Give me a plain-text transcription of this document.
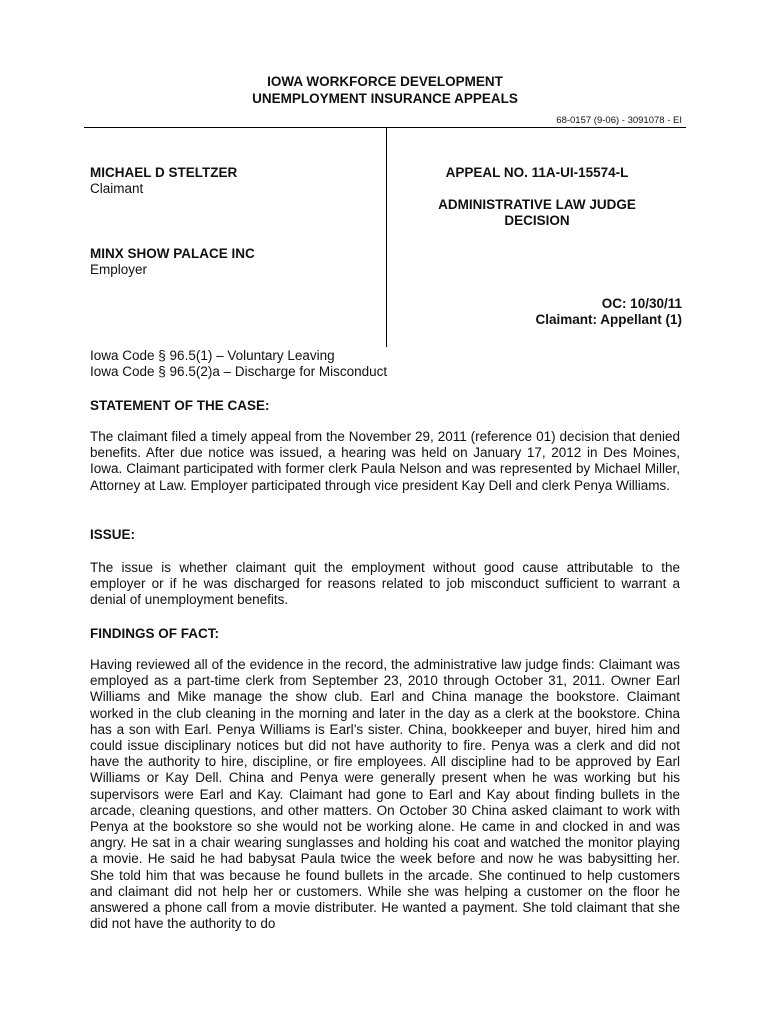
IOWA WORKFORCE DEVELOPMENT
UNEMPLOYMENT INSURANCE APPEALS
68-0157 (9-06) - 3091078 - EI
MICHAEL D STELTZER
Claimant
MINX SHOW PALACE INC
Employer
APPEAL NO. 11A-UI-15574-L
ADMINISTRATIVE LAW JUDGE
DECISION
OC: 10/30/11
Claimant: Appellant (1)
Iowa Code § 96.5(1) – Voluntary Leaving
Iowa Code § 96.5(2)a – Discharge for Misconduct
STATEMENT OF THE CASE:
The claimant filed a timely appeal from the November 29, 2011 (reference 01) decision that denied benefits. After due notice was issued, a hearing was held on January 17, 2012 in Des Moines, Iowa. Claimant participated with former clerk Paula Nelson and was represented by Michael Miller, Attorney at Law. Employer participated through vice president Kay Dell and clerk Penya Williams.
ISSUE:
The issue is whether claimant quit the employment without good cause attributable to the employer or if he was discharged for reasons related to job misconduct sufficient to warrant a denial of unemployment benefits.
FINDINGS OF FACT:
Having reviewed all of the evidence in the record, the administrative law judge finds: Claimant was employed as a part-time clerk from September 23, 2010 through October 31, 2011. Owner Earl Williams and Mike manage the show club. Earl and China manage the bookstore. Claimant worked in the club cleaning in the morning and later in the day as a clerk at the bookstore. China has a son with Earl. Penya Williams is Earl’s sister. China, bookkeeper and buyer, hired him and could issue disciplinary notices but did not have authority to fire. Penya was a clerk and did not have the authority to hire, discipline, or fire employees. All discipline had to be approved by Earl Williams or Kay Dell. China and Penya were generally present when he was working but his supervisors were Earl and Kay. Claimant had gone to Earl and Kay about finding bullets in the arcade, cleaning questions, and other matters. On October 30 China asked claimant to work with Penya at the bookstore so she would not be working alone. He came in and clocked in and was angry. He sat in a chair wearing sunglasses and holding his coat and watched the monitor playing a movie. He said he had babysat Paula twice the week before and now he was babysitting her. She told him that was because he found bullets in the arcade. She continued to help customers and claimant did not help her or customers. While she was helping a customer on the floor he answered a phone call from a movie distributer. He wanted a payment. She told claimant that she did not have the authority to do
